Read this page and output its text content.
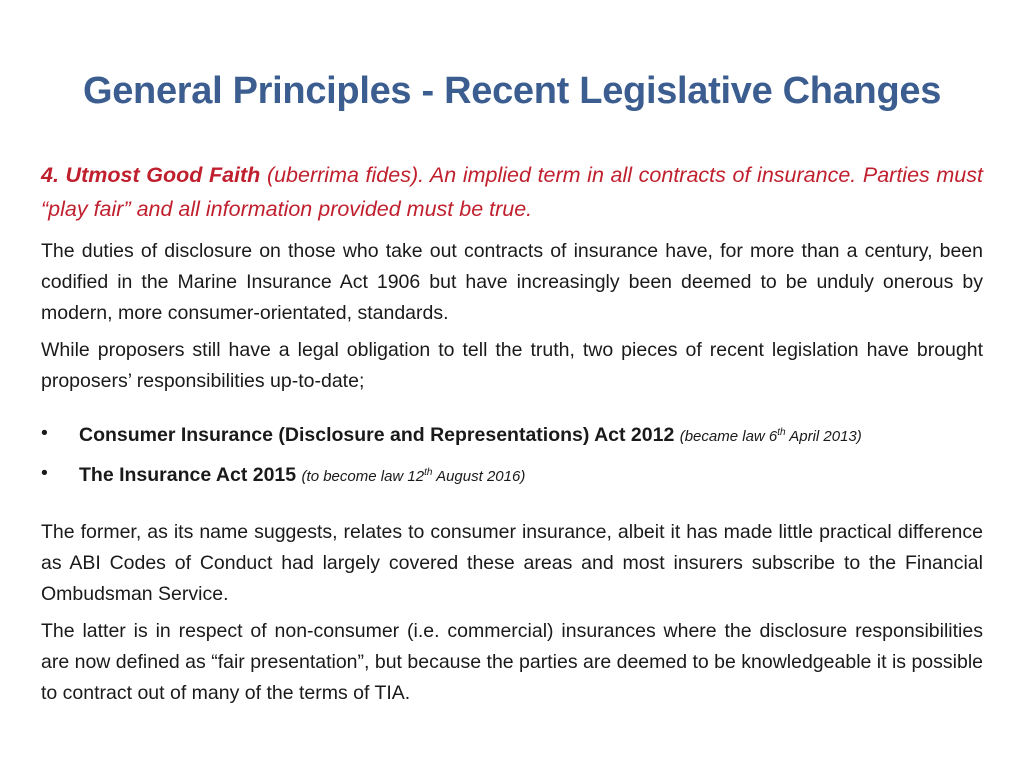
General Principles - Recent Legislative Changes

4. Utmost Good Faith (uberrima fides). An implied term in all contracts of insurance. Parties must “play fair” and all information provided must be true.

The duties of disclosure on those who take out contracts of insurance have, for more than a century, been codified in the Marine Insurance Act 1906 but have increasingly been deemed to be unduly onerous by modern, more consumer-orientated, standards.

While proposers still have a legal obligation to tell the truth, two pieces of recent legislation have brought proposers’ responsibilities up-to-date;

• Consumer Insurance (Disclosure and Representations) Act 2012 (became law 6th April 2013)
• The Insurance Act 2015 (to become law 12th August 2016)

The former, as its name suggests, relates to consumer insurance, albeit it has made little practical difference as ABI Codes of Conduct had largely covered these areas and most insurers subscribe to the Financial Ombudsman Service.

The latter is in respect of non-consumer (i.e. commercial) insurances where the disclosure responsibilities are now defined as “fair presentation”, but because the parties are deemed to be knowledgeable it is possible to contract out of many of the terms of TIA.
